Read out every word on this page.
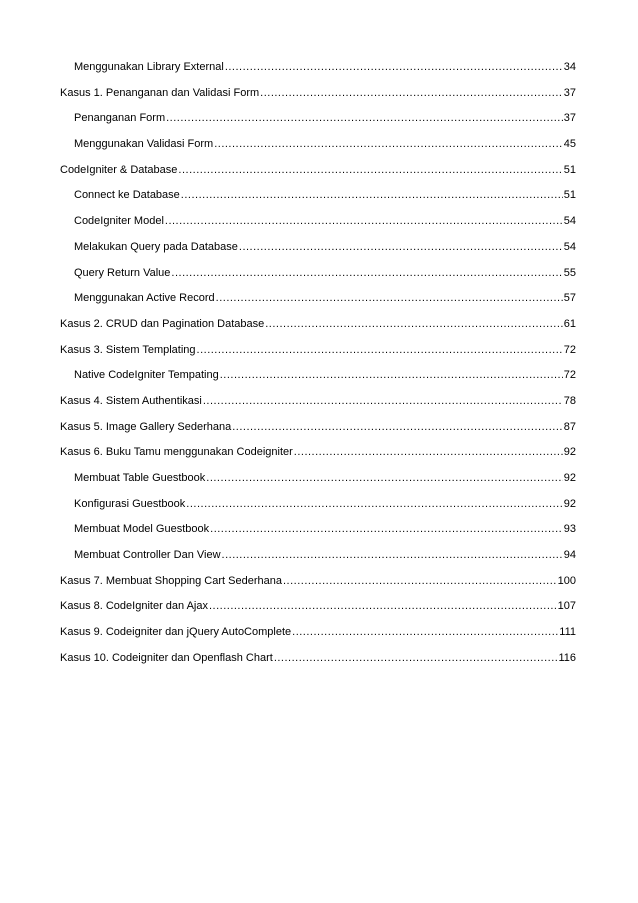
Menggunakan Library External .....	34
Kasus 1. Penanganan dan Validasi Form .....	37
Penanganan Form .....	37
Menggunakan Validasi Form .....	45
CodeIgniter & Database .....	51
Connect ke Database .....	51
CodeIgniter Model .....	54
Melakukan Query pada Database .....	54
Query Return Value .....	55
Menggunakan Active Record .....	57
Kasus 2. CRUD dan Pagination Database .....	61
Kasus 3. Sistem Templating .....	72
Native CodeIgniter Tempating .....	72
Kasus 4. Sistem Authentikasi .....	78
Kasus 5. Image Gallery Sederhana .....	87
Kasus 6. Buku Tamu menggunakan Codeigniter .....	92
Membuat Table Guestbook .....	92
Konfigurasi Guestbook .....	92
Membuat Model Guestbook .....	93
Membuat Controller Dan View .....	94
Kasus 7. Membuat Shopping Cart Sederhana .....	100
Kasus 8. CodeIgniter dan Ajax .....	107
Kasus 9. Codeigniter dan jQuery AutoComplete .....	111
Kasus 10. Codeigniter dan Openflash Chart .....	116
